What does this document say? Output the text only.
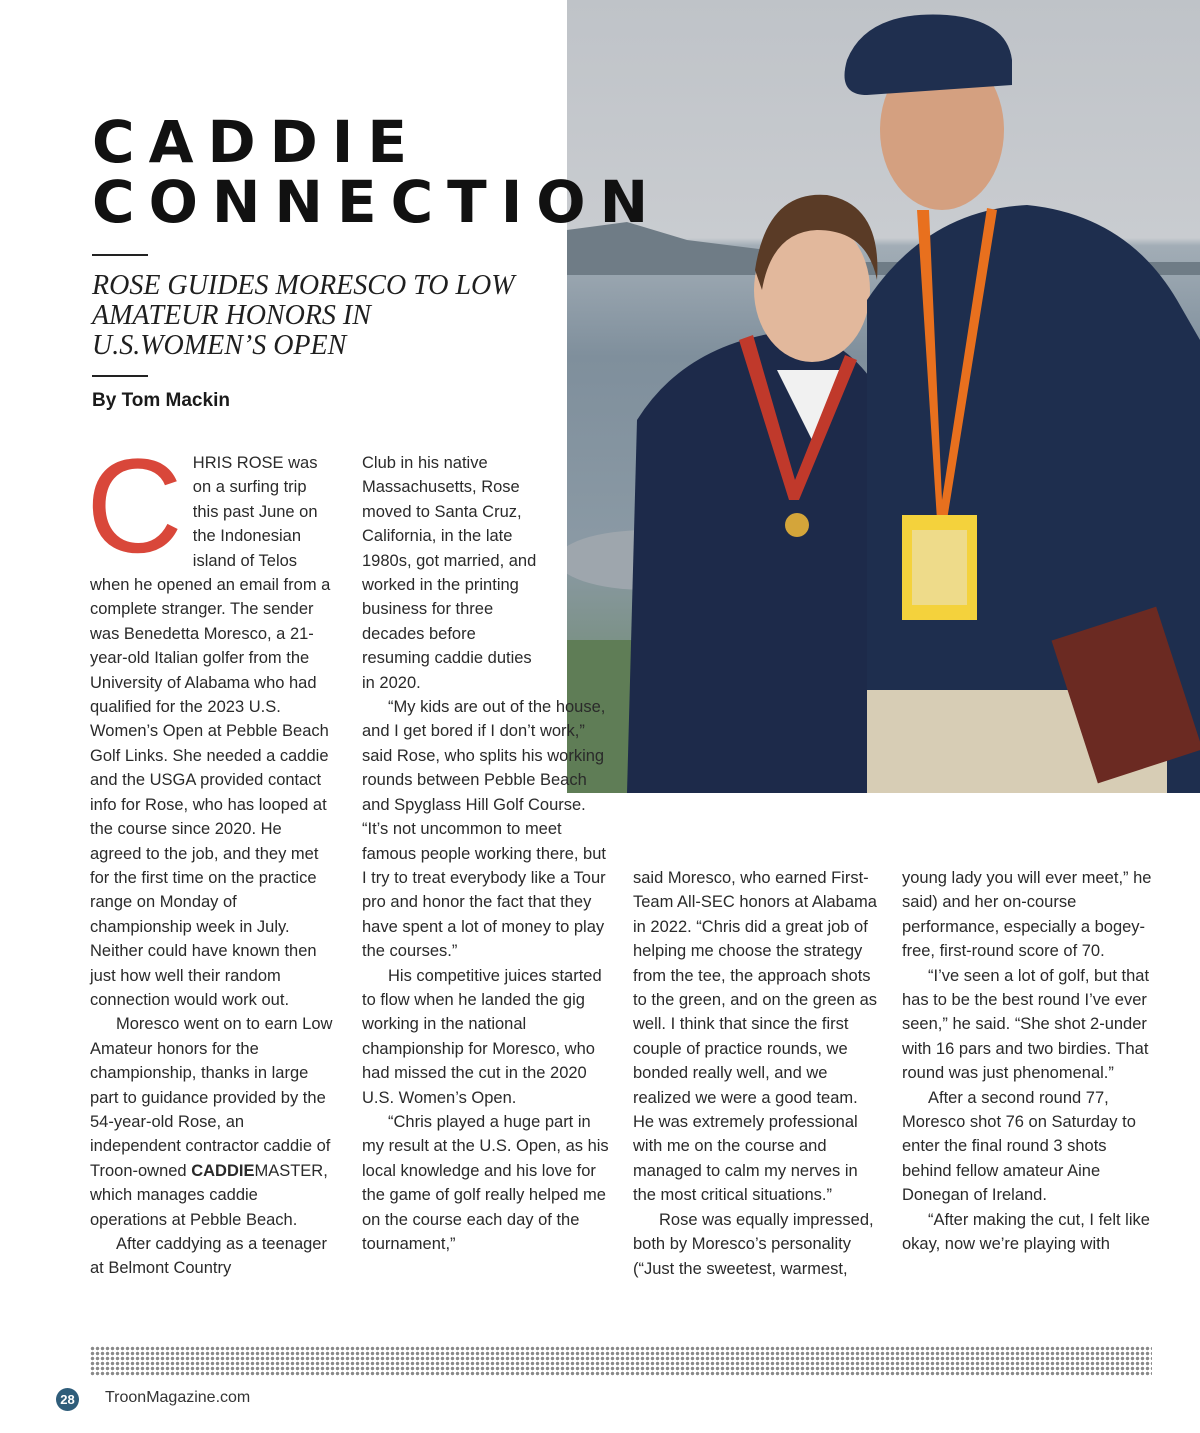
CADDIE
CONNECTION
ROSE GUIDES MORESCO TO LOW AMATEUR HONORS IN U.S.WOMEN’S OPEN

By Tom Mackin

CHRIS ROSE was on a surfing trip this past June on the Indonesian island of Telos when he opened an email from a complete stranger. The sender was Benedetta Moresco, a 21-year-old Italian golfer from the University of Alabama who had qualified for the 2023 U.S. Women’s Open at Pebble Beach Golf Links. She needed a caddie and the USGA provided contact info for Rose, who has looped at the course since 2020. He agreed to the job, and they met for the first time on the practice range on Monday of championship week in July. Neither could have known then just how well their random connection would work out.

Moresco went on to earn Low Amateur honors for the championship, thanks in large part to guidance provided by the 54-year-old Rose, an independent contractor caddie of Troon-owned CADDIEMASTER, which manages caddie operations at Pebble Beach.

After caddying as a teenager at Belmont Country

Club in his native Massachusetts, Rose moved to Santa Cruz, California, in the late 1980s, got married, and worked in the printing business for three decades before resuming caddie duties in 2020.

“My kids are out of the house, and I get bored if I don’t work,” said Rose, who splits his working rounds between Pebble Beach and Spyglass Hill Golf Course. “It’s not uncommon to meet famous people working there, but I try to treat everybody like a Tour pro and honor the fact that they have spent a lot of money to play the courses.”

His competitive juices started to flow when he landed the gig working in the national championship for Moresco, who had missed the cut in the 2020 U.S. Women’s Open.

“Chris played a huge part in my result at the U.S. Open, as his local knowledge and his love for the game of golf really helped me on the course each day of the tournament,”

said Moresco, who earned First-Team All-SEC honors at Alabama in 2022. “Chris did a great job of helping me choose the strategy from the tee, the approach shots to the green, and on the green as well. I think that since the first couple of practice rounds, we bonded really well, and we realized we were a good team. He was extremely professional with me on the course and managed to calm my nerves in the most critical situations.”

Rose was equally impressed, both by Moresco’s personality (“Just the sweetest, warmest,

young lady you will ever meet,” he said) and her on-course performance, especially a bogey-free, first-round score of 70.

“I’ve seen a lot of golf, but that has to be the best round I’ve ever seen,” he said. “She shot 2-under with 16 pars and two birdies. That round was just phenomenal.”

After a second round 77, Moresco shot 76 on Saturday to enter the final round 3 shots behind fellow amateur Aine Donegan of Ireland.

“After making the cut, I felt like okay, now we’re playing with

28 TroonMagazine.com
